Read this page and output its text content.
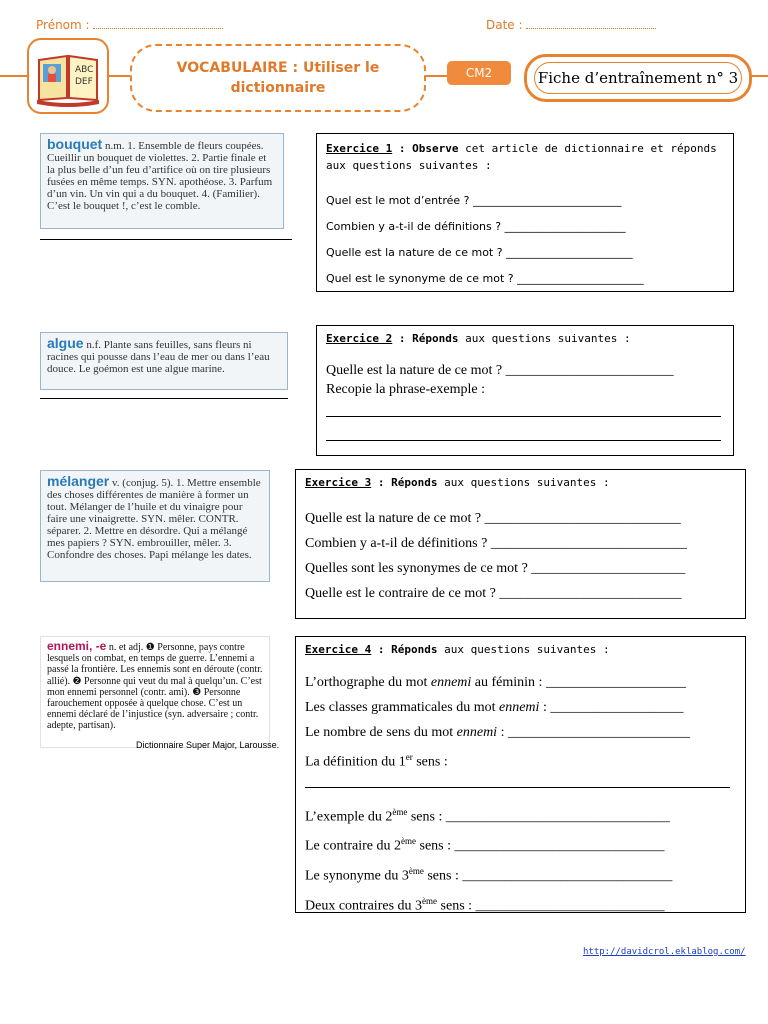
Prénom :	Date :
ABC
DEF
VOCABULAIRE : Utiliser le dictionnaire
CM2	Fiche d’entraînement n° 3
bouquet n.m. 1. Ensemble de fleurs coupées. Cueillir un bouquet de violettes. 2. Partie finale et la plus belle d’un feu d’artifice où on tire plusieurs fusées en même temps. SYN. apothéose. 3. Parfum d’un vin. Un vin qui a du bouquet. 4. (Familier). C’est le bouquet !, c’est le comble.
Exercice 1 : Observe cet article de dictionnaire et réponds aux questions suivantes :
Quel est le mot d’entrée ? ___________________________
Combien y a-t-il de définitions ? ______________________
Quelle est la nature de ce mot ? _______________________
Quel est le synonyme de ce mot ? _______________________
algue n.f. Plante sans feuilles, sans fleurs ni racines qui pousse dans l’eau de mer ou dans l’eau douce. Le goémon est une algue marine.
Exercice 2 : Réponds aux questions suivantes :
Quelle est la nature de ce mot ? ________________________
Recopie la phrase-exemple :
mélanger v. (conjug. 5). 1. Mettre ensemble des choses différentes de manière à former un tout. Mélanger de l’huile et du vinaigre pour faire une vinaigrette. SYN. mêler. CONTR. séparer. 2. Mettre en désordre. Qui a mélangé mes papiers ? SYN. embrouiller, mêler. 3. Confondre des choses. Papi mélange les dates.
Exercice 3 : Réponds aux questions suivantes :
Quelle est la nature de ce mot ? ____________________________
Combien y a-t-il de définitions ? ____________________________
Quelles sont les synonymes de ce mot ? ______________________
Quelle est le contraire de ce mot ? __________________________
ennemi, -e n. et adj. ❶ Personne, pays contre lesquels on combat, en temps de guerre. L’ennemi a passé la frontière. Les ennemis sont en déroute (contr. allié). ❷ Personne qui veut du mal à quelqu’un. C’est mon ennemi personnel (contr. ami). ❸ Personne farouchement opposée à quelque chose. C’est un ennemi déclaré de l’injustice (syn. adversaire ; contr. adepte, partisan).
Dictionnaire Super Major, Larousse.
Exercice 4 : Réponds aux questions suivantes :
L’orthographe du mot ennemi au féminin : ____________________
Les classes grammaticales du mot ennemi : ___________________
Le nombre de sens du mot ennemi : __________________________
La définition du 1er sens :
L’exemple du 2ème sens : ________________________________
Le contraire du 2ème sens : ______________________________
Le synonyme du 3ème sens : ______________________________
Deux contraires du 3ème sens : ___________________________
http://davidcrol.eklablog.com/
